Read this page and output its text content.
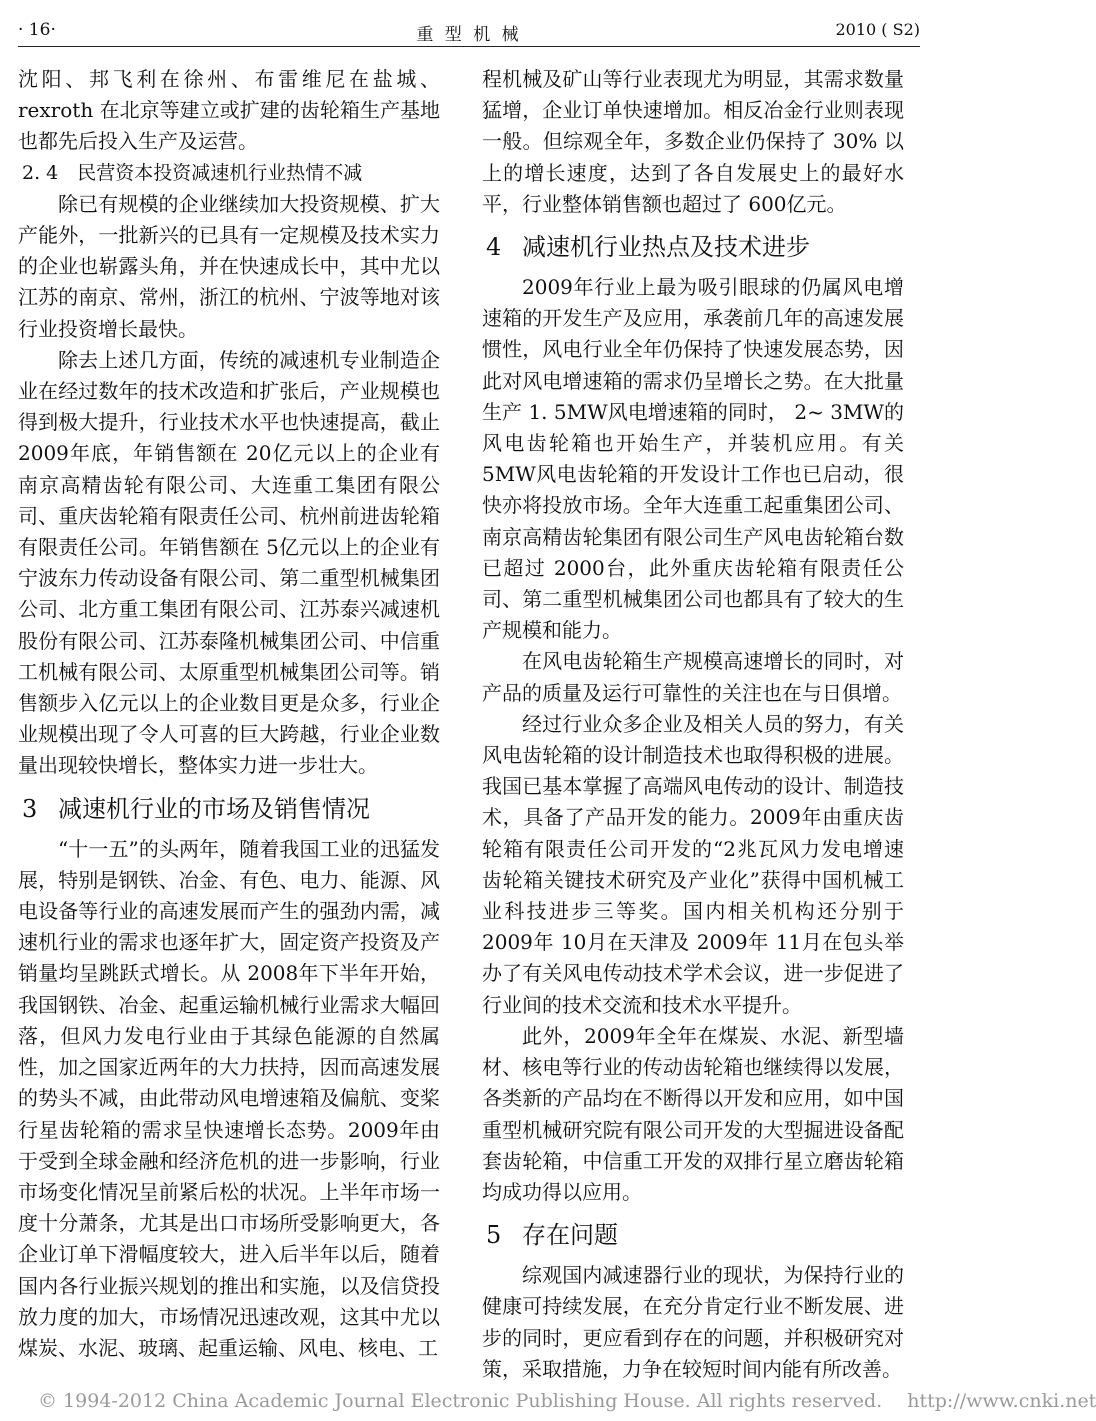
· 16·	重 型 机 械	2010 ( S2)

沈阳、邦飞利在徐州、布雷维尼在盐城、 rexroth 在北京等建立或扩建的齿轮箱生产基地也都先后投入生产及运营。

2. 4　民营资本投资减速机行业热情不减

除已有规模的企业继续加大投资规模、扩大产能外，一批新兴的已具有一定规模及技术实力的企业也崭露头角，并在快速成长中，其中尤以江苏的南京、常州，浙江的杭州、宁波等地对该行业投资增长最快。

除去上述几方面，传统的减速机专业制造企业在经过数年的技术改造和扩张后，产业规模也得到极大提升，行业技术水平也快速提高，截止 2009年底，年销售额在 20亿元以上的企业有南京高精齿轮有限公司、大连重工集团有限公司、重庆齿轮箱有限责任公司、杭州前进齿轮箱有限责任公司。年销售额在 5亿元以上的企业有宁波东力传动设备有限公司、第二重型机械集团公司、北方重工集团有限公司、江苏泰兴减速机股份有限公司、江苏泰隆机械集团公司、中信重工机械有限公司、太原重型机械集团公司等。销售额步入亿元以上的企业数目更是众多，行业企业规模出现了令人可喜的巨大跨越，行业企业数量出现较快增长，整体实力进一步壮大。

3 减速机行业的市场及销售情况

“十一五”的头两年，随着我国工业的迅猛发展，特别是钢铁、冶金、有色、电力、能源、风电设备等行业的高速发展而产生的强劲内需，减速机行业的需求也逐年扩大，固定资产投资及产销量均呈跳跃式增长。从 2008年下半年开始，我国钢铁、冶金、起重运输机械行业需求大幅回落，但风力发电行业由于其绿色能源的自然属性，加之国家近两年的大力扶持，因而高速发展的势头不减，由此带动风电增速箱及偏航、变桨行星齿轮箱的需求呈快速增长态势。2009年由于受到全球金融和经济危机的进一步影响，行业市场变化情况呈前紧后松的状况。上半年市场一度十分萧条，尤其是出口市场所受影响更大，各企业订单下滑幅度较大，进入后半年以后，随着国内各行业振兴规划的推出和实施，以及信贷投放力度的加大，市场情况迅速改观，这其中尤以煤炭、水泥、玻璃、起重运输、风电、核电、工

程机械及矿山等行业表现尤为明显，其需求数量猛增，企业订单快速增加。相反冶金行业则表现一般。但综观全年，多数企业仍保持了 30% 以上的增长速度，达到了各自发展史上的最好水平，行业整体销售额也超过了 600亿元。

4 减速机行业热点及技术进步

2009年行业上最为吸引眼球的仍属风电增速箱的开发生产及应用，承袭前几年的高速发展惯性，风电行业全年仍保持了快速发展态势，因此对风电增速箱的需求仍呈增长之势。在大批量生产 1. 5MW风电增速箱的同时， 2~ 3MW的风电齿轮箱也开始生产，并装机应用。有关 5MW风电齿轮箱的开发设计工作也已启动，很快亦将投放市场。全年大连重工起重集团公司、南京高精齿轮集团有限公司生产风电齿轮箱台数已超过 2000台，此外重庆齿轮箱有限责任公司、第二重型机械集团公司也都具有了较大的生产规模和能力。

在风电齿轮箱生产规模高速增长的同时，对产品的质量及运行可靠性的关注也在与日俱增。

经过行业众多企业及相关人员的努力，有关风电齿轮箱的设计制造技术也取得积极的进展。我国已基本掌握了高端风电传动的设计、制造技术，具备了产品开发的能力。2009年由重庆齿轮箱有限责任公司开发的“2兆瓦风力发电增速齿轮箱关键技术研究及产业化”获得中国机械工业科技进步三等奖。国内相关机构还分别于 2009年 10月在天津及 2009年 11月在包头举办了有关风电传动技术学术会议，进一步促进了行业间的技术交流和技术水平提升。

此外，2009年全年在煤炭、水泥、新型墙材、核电等行业的传动齿轮箱也继续得以发展，各类新的产品均在不断得以开发和应用，如中国重型机械研究院有限公司开发的大型掘进设备配套齿轮箱，中信重工开发的双排行星立磨齿轮箱均成功得以应用。

5 存在问题

综观国内减速器行业的现状，为保持行业的健康可持续发展，在充分肯定行业不断发展、进步的同时，更应看到存在的问题，并积极研究对策，采取措施，力争在较短时间内能有所改善。

© 1994-2012 China Academic Journal Electronic Publishing House. All rights reserved.　 http://www.cnki.net
